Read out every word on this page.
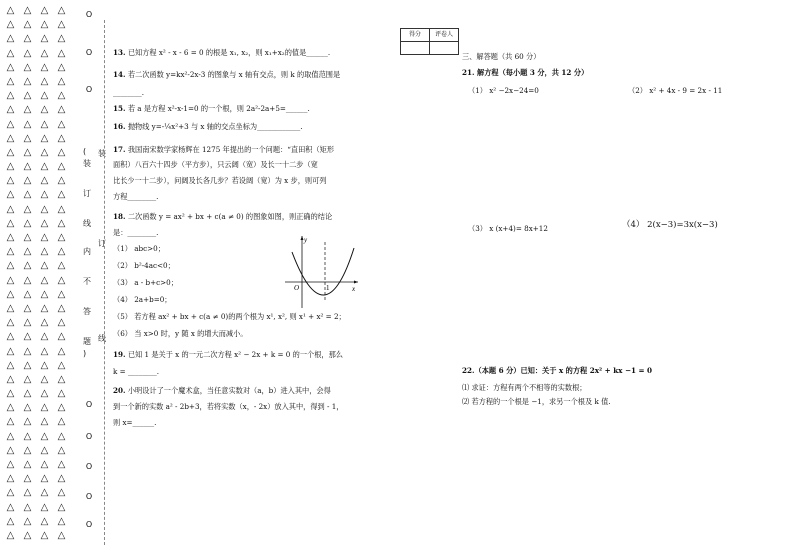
△ △ △ △
△ △ △ △
△ △ △ △
△ △ △ △
△ △ △ △
△ △ △ △
△ △ △ △
△ △ △ △
△ △ △ △
△ △ △ △
△ △ △ △
△ △ △ △
△ △ △ △
△ △ △ △
△ △ △ △
△ △ △ △
△ △ △ △
△ △ △ △
△ △ △ △
△ △ △ △
△ △ △ △
△ △ △ △
△ △ △ △
△ △ △ △
△ △ △ △
△ △ △ △
△ △ △ △
△ △ △ △
△ △ △ △
△ △ △ △
△ △ △ △
△ △ △ △
△ △ △ △
△ △ △ △
△ △ △ △
△ △ △ △
△ △ △ △
△ △ △ △
O
O
O
O
O
O
O
O
(
装
订
线
内
不
答
题
)
装
订
线
13. 已知方程 x² - x - 6 = 0 的根是 x₁, x₂，则 x₁+x₂的值是______.
14. 若二次函数 y=kx²-2x-3 的图象与 x 轴有交点，则 k 的取值范围是
________.
15. 若 a 是方程 x²-x-1=0 的一个根，则 2a²-2a+5=______.
16. 抛物线 y=-¼x²+3 与 x 轴的交点坐标为____________.
17. 我国南宋数学家杨辉在 1275 年提出的一个问题：“直田积（矩形
面积）八百六十四步（平方步），只云阔（宽）及长一十二步（宽
比长少一十二步），问阔及长各几步？若设阔（宽）为 x 步，则可列
方程________.
18. 二次函数 y = ax² + bx + c(a ≠ 0) 的图象如图，则正确的结论
是：________.
（1） abc>0；
（2） b²-4ac<0；
（3） a - b+c>0；
（4） 2a+b=0；
（5） 若方程 ax² + bx + c(a ≠ 0)的两个根为 x¹, x², 则 x¹ + x² = 2；
（6） 当 x>0 时，y 随 x 的增大而减小。
19. 已知 1 是关于 x 的一元二次方程 x² − 2x + k = 0 的一个根，那么
k = ________.
20. 小明设计了一个魔术盒，当任意实数对（a，b）进入其中，会得
到一个新的实数 a² - 2b+3，若将实数（x，- 2x）放入其中，得到 - 1，
则 x=______.
y
x
O	1
得分	评卷人

三、解答题（共 60 分）
21. 解方程（每小题 3 分，共 12 分）
（1） x² −2x−24=0	（2） x² + 4x - 9 = 2x - 11
（3） x (x+4)= 8x+12	（4） 2(x−3)=3x(x−3)
22.（本题 6 分）已知：关于 x 的方程 2x² + kx −1 = 0
⑴ 求证：方程有两个不相等的实数根；
⑵ 若方程的一个根是 −1，求另一个根及 k 值.
